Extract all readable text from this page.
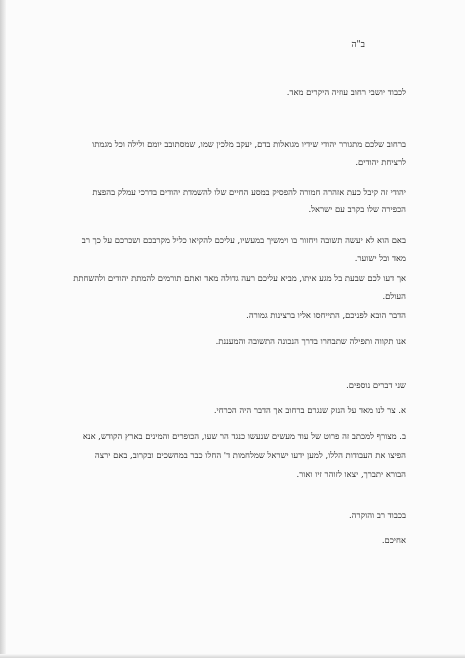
ב"ה

לכבוד יושבי רחוב עוזיה היקרים מאד.

ברחוב שלכם מתגורר יהודי שידיו מגואלות בדם, יעקב מלכין שמו, שמסתובב יומם ולילה וכל מגמתו

לרציחת יהודים.

יהודי זה קיבל כעת אזהרה חמורה להפסיק במסע החיים שלו להשמדת יהודים בדרכי עמלק בהפצת

הכפירה שלו בקרב עם ישראל.

באם הוא לא יעשה תשובה ויחזור בו וימשיך במעשיו, עליכם להקיאו כליל מקרבכם ושכרכם על כך רב

מאד ובל ישוער.

אך דעו לכם שבעת בל מגע איתו, מביא עליכם רעה גדולה מאד ואתם תורמים להמתת יהודים ולהשחתת

העולם.

הדבר הובא לפניכם, התייחסו אליו ברצינות גמורה.

אנו תקווה ותפילה שתבחרו בדרך הנכונה התשובה והמעננת.

שני דברים נוספים.

א. צר לנו מאד על הנזק שנגרם ברחוב אך הדבר היה הכרחי.

ב. מצורף למכתב זה פרוט של עוד מעשים שנעשו כנגד הר שעו, הכופרים והמינים בארץ הקודש, אנא

הפיצו את העבודות הללו, למען ידעו ישראל שמלחמות ד' החלו כבר במחשכים ובקרוב, באם ירצה

הבורא יתברך, יצאו לזוהר זיו ואור.

בכבוד רב והוקרה.

אחיכם.
